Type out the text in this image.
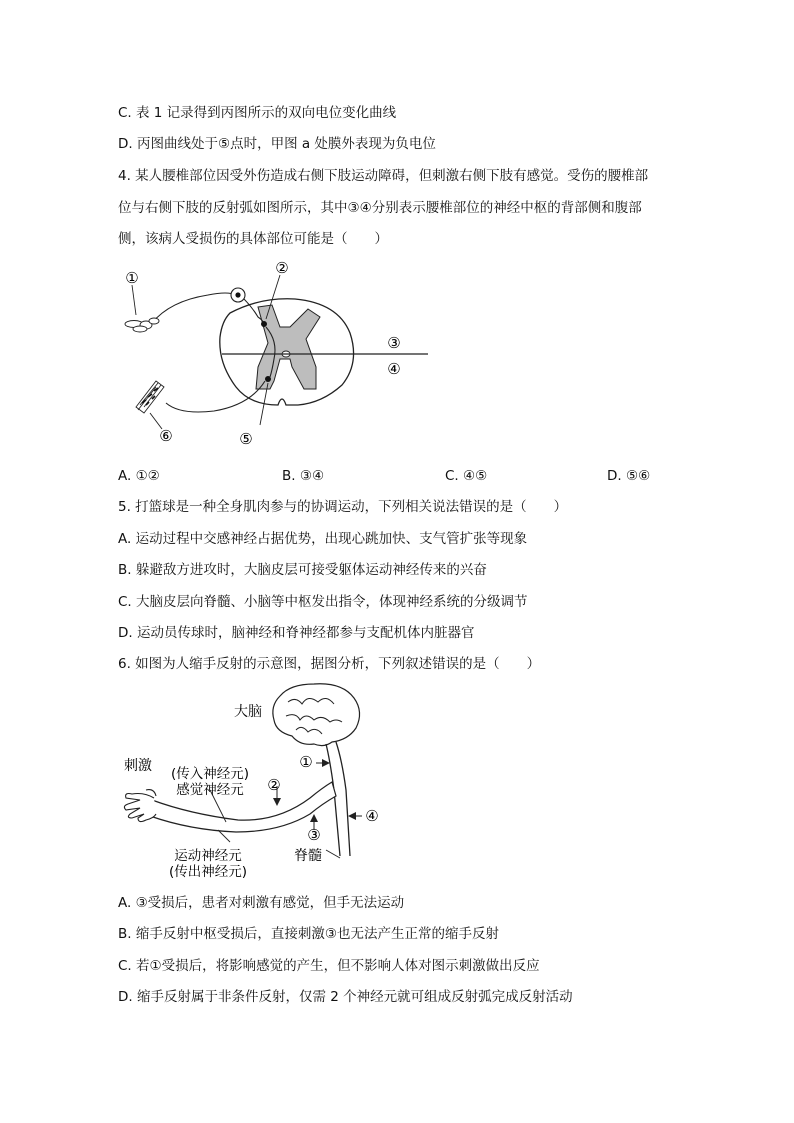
C. 表 1 记录得到丙图所示的双向电位变化曲线
D. 丙图曲线处于⑤点时，甲图 a 处膜外表现为负电位
4. 某人腰椎部位因受外伤造成右侧下肢运动障碍，但刺激右侧下肢有感觉。受伤的腰椎部
位与右侧下肢的反射弧如图所示，其中③④分别表示腰椎部位的神经中枢的背部侧和腹部
侧，该病人受损伤的具体部位可能是（　　）
①
②
③
④
⑤
⑥
A. ①②	B. ③④	C. ④⑤	D. ⑤⑥
5. 打篮球是一种全身肌肉参与的协调运动，下列相关说法错误的是（　　）
A. 运动过程中交感神经占据优势，出现心跳加快、支气管扩张等现象
B. 躲避敌方进攻时，大脑皮层可接受躯体运动神经传来的兴奋
C. 大脑皮层向脊髓、小脑等中枢发出指令，体现神经系统的分级调节
D. 运动员传球时，脑神经和脊神经都参与支配机体内脏器官
6. 如图为人缩手反射的示意图，据图分析，下列叙述错误的是（　　）
大脑
刺激 (传入神经元)
感觉神经元
运动神经元
(传出神经元)
脊髓
①
②
③
④
A. ③受损后，患者对刺激有感觉，但手无法运动
B. 缩手反射中枢受损后，直接刺激③也无法产生正常的缩手反射
C. 若①受损后，将影响感觉的产生，但不影响人体对图示刺激做出反应
D. 缩手反射属于非条件反射，仅需 2 个神经元就可组成反射弧完成反射活动
